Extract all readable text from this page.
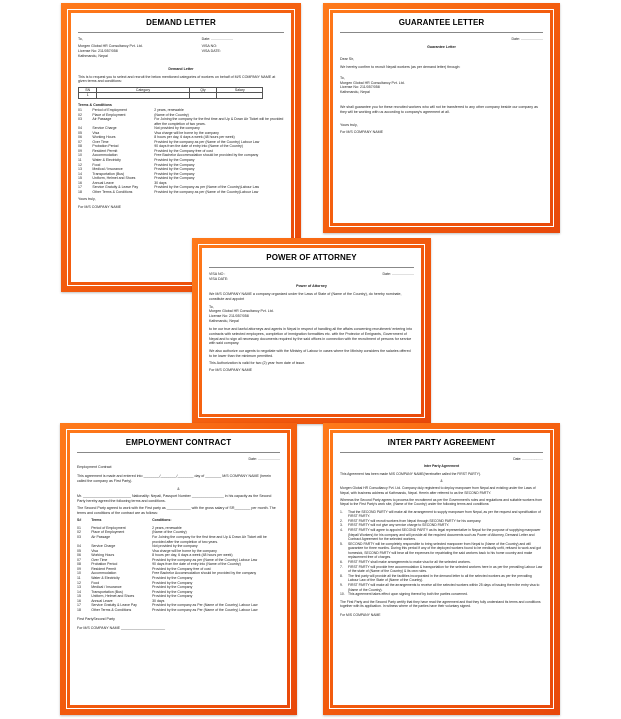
DEMAND LETTER

To,

Morgen Global HR Consultancy Pvt. Ltd.
License No: 211/057/058
Kathmandu, Nepal

Date: ......................

VISA NO:
VISA DATE:
Demand Letter

This is to request you to select and recruit the below mentioned categories of workers on behalf of M/S COMPANY NAME at given terms and conditions:

SN	Category	Qty	Salary
1			
Terms & Conditions
01	Period of Employment	2 years, renewable
02	Place of Employment	(Name of the Country)
03	Air Passage	For Joining the company for the first time and Up & Down Air Ticket will be provided after the completion of two years.
04	Service Charge	Not provided by the company
05	Visa	Visa charge will be borne by the company
06	Working Hours	8 hours per day, 6 days a week (48 hours per week)
07	Over Time	Provided by the company as per (Name of the Country) Labour Law
08	Probation Period	90 days from the date of entry into (Name of the Country)
09	Resident Permit	Provided by the Company free of cost
10	Accommodation	Free Bachelor Accommodation should be provided by the company
11	Water & Electricity	Provided by the Company
12	Food	Provided by the Company
13	Medical / Insurance	Provided by the Company
14	Transportation (Bus)	Provided by the Company
15	Uniform, Helmet and Shoes	Provided by the Company
16	Annual Leave	30 days
17	Service Gratuity & Leave Pay	Provided by the Company as per (Name of the Country)Labour Law
18	Other Terms & Conditions	Provided by the company as per (Name of the Country)Labour Law

Yours truly,

For M/S COMPANY NAME

GUARANTEE LETTER
Date: ......................
Guarantee Letter

Dear Sir,

We hereby confirm to recruit Nepali workers (as per demand letter) through:

To,
Morgen Global HR Consultancy Pvt. Ltd.
License No: 211/057/058
Kathmandu, Nepal

We shall guarantee you for these recruited workers who will not be transferred to any other company beside our company as they will be working with us according to company's agreement at all.

Yours truly,

For M/S COMPANY NAME

POWER OF ATTORNEY
VISA NO :
VISA DATE:
Date: ......................
Power of Attorney

We M/S COMPANY NAME a company organized under the Laws of State of (Name of the Country), do hereby nominate, constitute and appoint

To,
Morgen Global HR Consultancy Pvt. Ltd.
License No: 211/057/058
Kathmandu, Nepal

to be our true and lawful attorneys and agents in Nepal in respect of handling all the affairs concerning recruitment/ entering into contracts with selected employees, completion of immigration formalities etc. with the Protector of Emigrants, Government of Nepal and to sign all necessary documents required by the said offices in connection with the recruitment of persons for service with said company.

We also authorize our agents to negotiate with the Ministry of Labour in cases where the Ministry considers the salaries offered to be lower than the minimum permitted.

This Authorization is valid for two (2) year from date of issue.

For M/S COMPANY NAME

EMPLOYMENT CONTRACT
Date: ......................

Employment Contract

This agreement is made and entered into ________/________/________ day of ________ M/S COMPANY NAME (herein called the company as First Party).

&

Mr. ________________________ Nationality: Nepali, Passport Number ________________ in his capacity as the Second Party hereby agreed the following terms and conditions.

The Second Party agreed to work with the First party as ____________ with the gross salary of SR________ per month. The terms and conditions of the contract are as follows:

S#	Terms	Conditions:
01	Period of Employment	2 years, renewable
02	Place of Employment	(Name of the Country)
03	Air Passage	For Joining the company for the first time and Up & Down Air Ticket will be provided after the completion of two years.
04	Service Charge	Not provided by the company
05	Visa	Visa charge will be borne by the company
06	Working Hours	8 hours per day, 6 days a week (48 hours per week)
07	Over Time	Provided by the company as per (Name of the Country) Labour Law
08	Probation Period	90 days from the date of entry into (Name of the Country)
09	Resident Permit	Provided by the Company free of cost
10	Accommodation	Free Bachelor Accommodation should be provided by the company
11	Water & Electricity	Provided by the Company
12	Food	Provided by the Company
13	Medical / Insurance	Provided by the Company
14	Transportation (Bus)	Provided by the Company
15	Uniform, Helmet and Shoes	Provided by the Company
16	Annual Leave	30 days
17	Service Gratuity & Leave Pay	Provided by the company as Per (Name of the Country) Labour Law
18	Other Terms & Conditions	Provided by the company as Per (Name of the Country) Labour Law

First PartySecond Party

For M/S COMPANY NAME ______________________

INTER PARTY AGREEMENT
Date: ......................
Inter Party Agreement

This Agreement has been made M/S COMPANY NAME(hereinafter called the FIRST PARTY).

&

Morgen Global HR Consultancy Pvt. Ltd. Company duly registered to deploy manpower from Nepal and existing under the Laws of Nepal, with business address at Kathmandu, Nepal. Herein after referred to as the SECOND PARTY.

Whereas the Second Party agrees to process the recruitment as per the Government's rules and regulations and suitable workers from Nepal to the First Party's work site, (Name of the Country) under the following terms and conditions:

1.	That the SECOND PARTY will make all the arrangement to supply manpower from Nepal, as per the request and specification of FIRST PARTY.
2.	FIRST PARTY will recruit workers from Nepal through SECOND PARTY for his company.
3.	FIRST PARTY will not give any service charge to SECOND PARTY.
4.	FIRST PARTY will agree to appoint SECOND PARTY as its legal representative in Nepal for the purpose of supplying manpower (Nepali Workers) for his company and will provide all the required documents such as Power of Attorney, Demand Letter and Contract Agreement for the selected workers.
5.	SECOND PARTY will be completely responsible to bring selected manpower from Nepal to (Name of the Country) and will guarantee for three months. During this period if any of the deployed workers found to be medically unfit, refused to work and got homesick, SECOND PARTY will bear all the expenses for repatriating the said workers back to his home country and make replacement free of charges.
6.	FIRST PARTY shall make arrangements to make visa for all the selected workers.
7.	FIRST PARTY will provide free accommodation & transportation for the selected workers here in as per the prevailing Labour Law of the state of (Name of the Country) & its own rules.
8.	The first party will provide all the facilities incorporated in the demand letter to all the selected workers as per the prevailing Labour Law of the State of (Name of the Country).
9.	FIRST PARTY will make all the arrangements to receive all the selected workers within 25 days of issuing them the entry visa to (Name of the Country).
10. This agreement takes effect upon signing thereof by both the parties concerned.

The First Party and the Second Party certify that they have read the agreement and that they fully understand its terms and conditions together with its application. In witness where of the parties have their voluntary signed.

For M/S COMPANY NAME
